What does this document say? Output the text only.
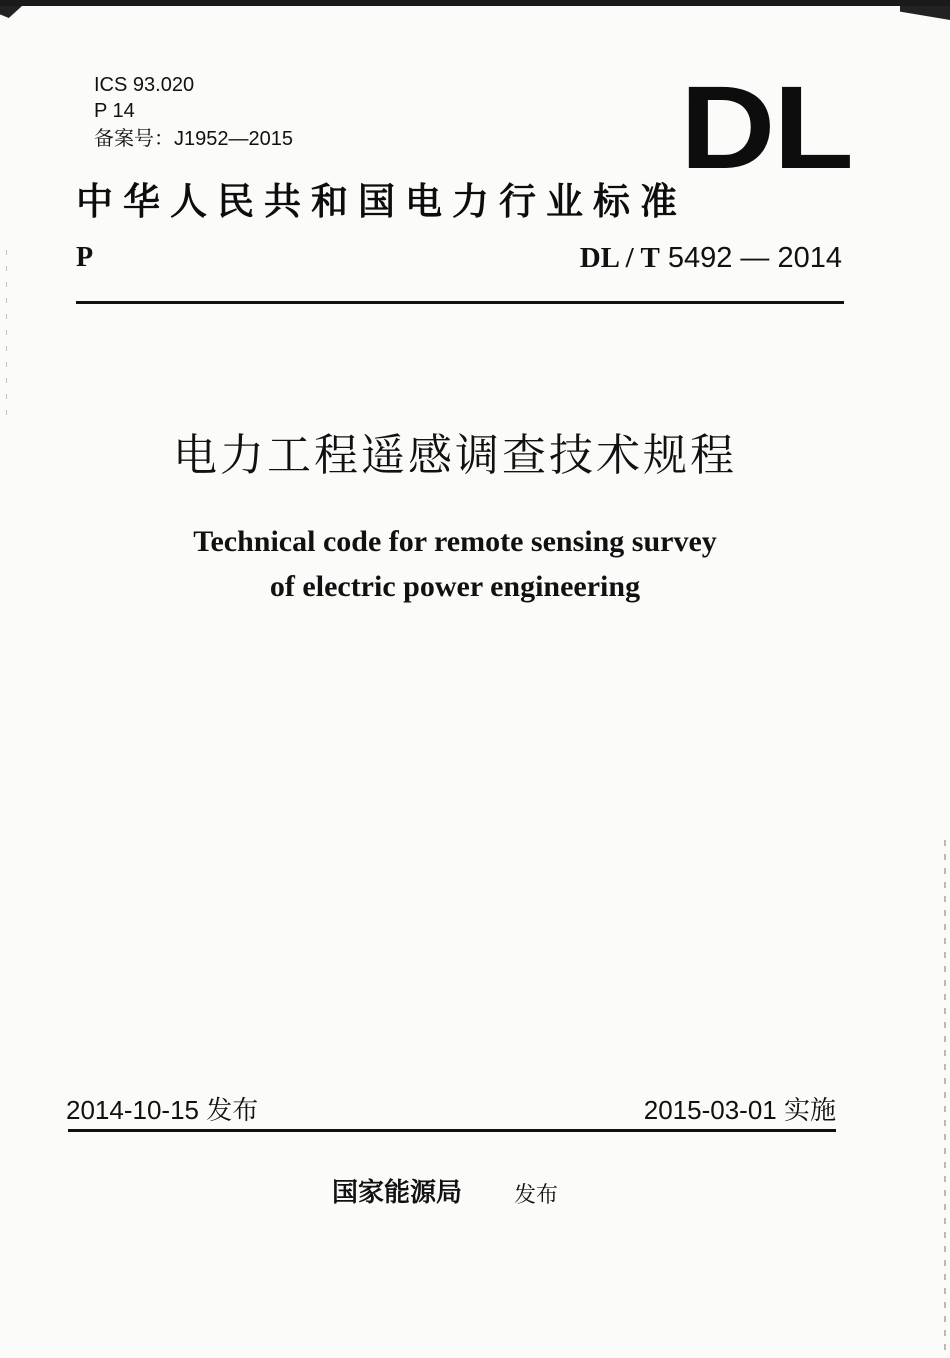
ICS 93.020
P 14
备案号：J1952—2015	DL
中华人民共和国电力行业标准
P	DL / T 5492 — 2014
电力工程遥感调查技术规程
Technical code for remote sensing survey
of electric power engineering
2014-10-15 发布	2015-03-01 实施
国家能源局 发布
